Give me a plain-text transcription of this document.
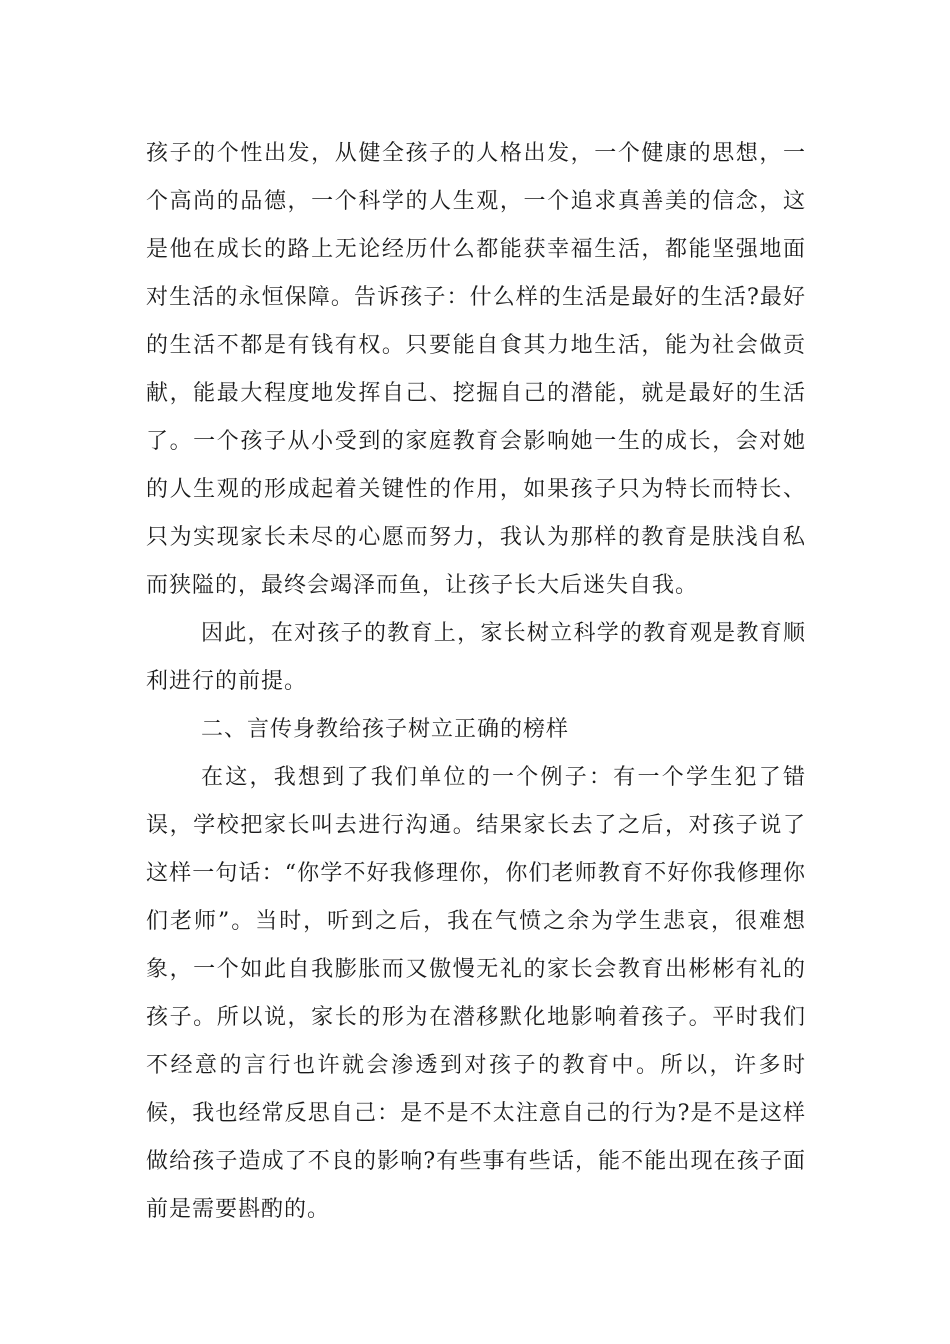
孩子的个性出发，从健全孩子的人格出发，一个健康的思想，一个高尚的品德，一个科学的人生观，一个追求真善美的信念，这是他在成长的路上无论经历什么都能获幸福生活，都能坚强地面对生活的永恒保障。告诉孩子：什么样的生活是最好的生活?最好的生活不都是有钱有权。只要能自食其力地生活，能为社会做贡献，能最大程度地发挥自己、挖掘自己的潜能，就是最好的生活了。一个孩子从小受到的家庭教育会影响她一生的成长，会对她的人生观的形成起着关键性的作用，如果孩子只为特长而特长、只为实现家长未尽的心愿而努力，我认为那样的教育是肤浅自私而狭隘的，最终会竭泽而鱼，让孩子长大后迷失自我。

因此，在对孩子的教育上，家长树立科学的教育观是教育顺利进行的前提。

二、言传身教给孩子树立正确的榜样

在这，我想到了我们单位的一个例子：有一个学生犯了错误，学校把家长叫去进行沟通。结果家长去了之后，对孩子说了这样一句话：“你学不好我修理你，你们老师教育不好你我修理你们老师”。当时，听到之后，我在气愤之余为学生悲哀，很难想象，一个如此自我膨胀而又傲慢无礼的家长会教育出彬彬有礼的孩子。所以说，家长的形为在潜移默化地影响着孩子。平时我们不经意的言行也许就会渗透到对孩子的教育中。所以，许多时候，我也经常反思自己：是不是不太注意自己的行为?是不是这样做给孩子造成了不良的影响?有些事有些话，能不能出现在孩子面前是需要斟酌的。
